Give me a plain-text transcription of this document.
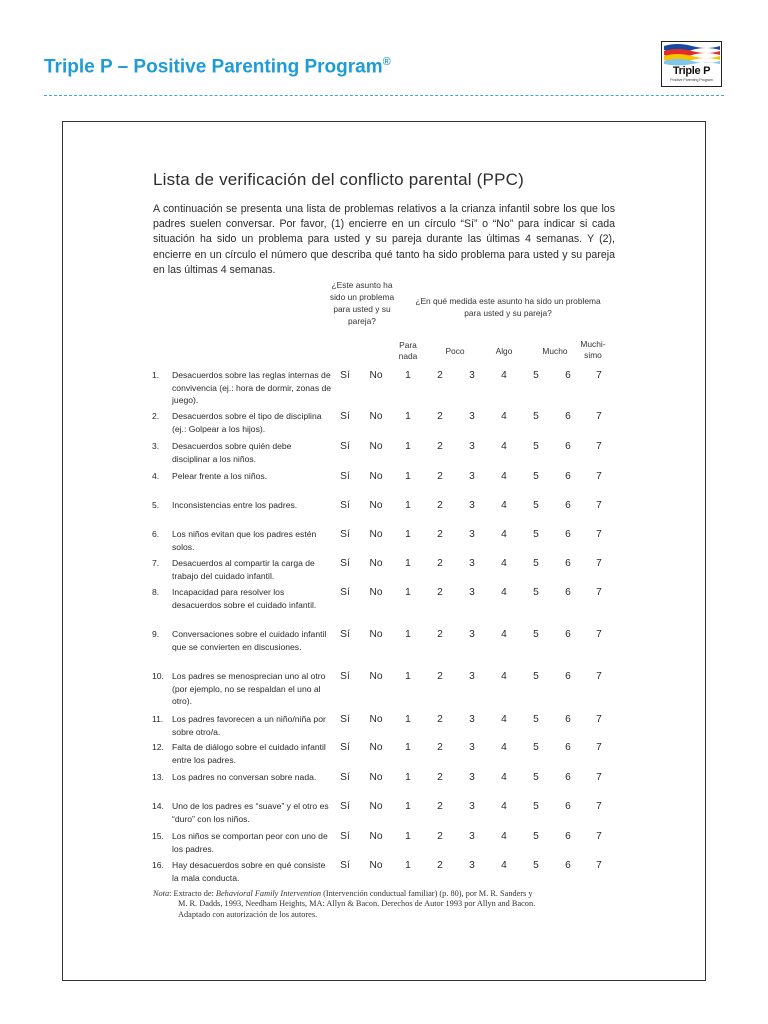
Triple P – Positive Parenting Program®
Triple P
Positive Parenting Program
Lista de verificación del conflicto parental (PPC)
A continuación se presenta una lista de problemas relativos a la crianza infantil sobre los que los padres suelen conversar. Por favor, (1) encierre en un círculo “Sí” o “No” para indicar si cada situación ha sido un problema para usted y su pareja durante las últimas 4 semanas. Y (2), encierre en un círculo el número que describa qué tanto ha sido problema para usted y su pareja en las últimas 4 semanas.
¿Este asunto ha sido un problema para usted y su pareja?
¿En qué medida este asunto ha sido un problema para usted y su pareja?
Para nada	Poco	Algo	Mucho
Muchi-simo
1. Desacuerdos sobre las reglas internas de convivencia (ej.: hora de dormir, zonas de juego).
Sí	No	1	2	3	4	5	6	7
2. Desacuerdos sobre el tipo de disciplina (ej.: Golpear a los hijos).
Sí	No	1	2	3	4	5	6	7
3. Desacuerdos sobre quién debe disciplinar a los niños.
Sí	No	1	2	3	4	5	6	7
4. Pelear frente a los niños.	Sí	No	1	2	3	4	5	6	7
5. Inconsistencias entre los padres.	Sí	No	1	2	3	4	5	6	7
6. Los niños evitan que los padres estén solos.
Sí	No	1	2	3	4	5	6	7
7. Desacuerdos al compartir la carga de trabajo del cuidado infantil.
Sí	No	1	2	3	4	5	6	7
8. Incapacidad para resolver los desacuerdos sobre el cuidado infantil.
Sí	No	1	2	3	4	5	6	7
9. Conversaciones sobre el cuidado infantil que se convierten en discusiones.
Sí	No	1	2	3	4	5	6	7
10. Los padres se menosprecian uno al otro (por ejemplo, no se respaldan el uno al otro).
Sí	No	1	2	3	4	5	6	7
11. Los padres favorecen a un niño/niña por sobre otro/a.
Sí	No	1	2	3	4	5	6	7
12. Falta de diálogo sobre el cuidado infantil entre los padres.
Sí	No	1	2	3	4	5	6	7
13. Los padres no conversan sobre nada.	Sí	No	1	2	3	4	5	6	7
14. Uno de los padres es “suave” y el otro es “duro” con los niños.
Sí	No	1	2	3	4	5	6	7
15. Los niños se comportan peor con uno de los padres.
Sí	No	1	2	3	4	5	6	7
16. Hay desacuerdos sobre en qué consiste la mala conducta.
Sí	No	1	2	3	4	5	6	7
Nota: Extracto de: Behavioral Family Intervention (Intervención conductual familiar) (p. 80), por M. R. Sanders y
M. R. Dadds, 1993, Needham Heights, MA: Allyn & Bacon. Derechos de Autor 1993 por Allyn and Bacon.
Adaptado con autorización de los autores.
